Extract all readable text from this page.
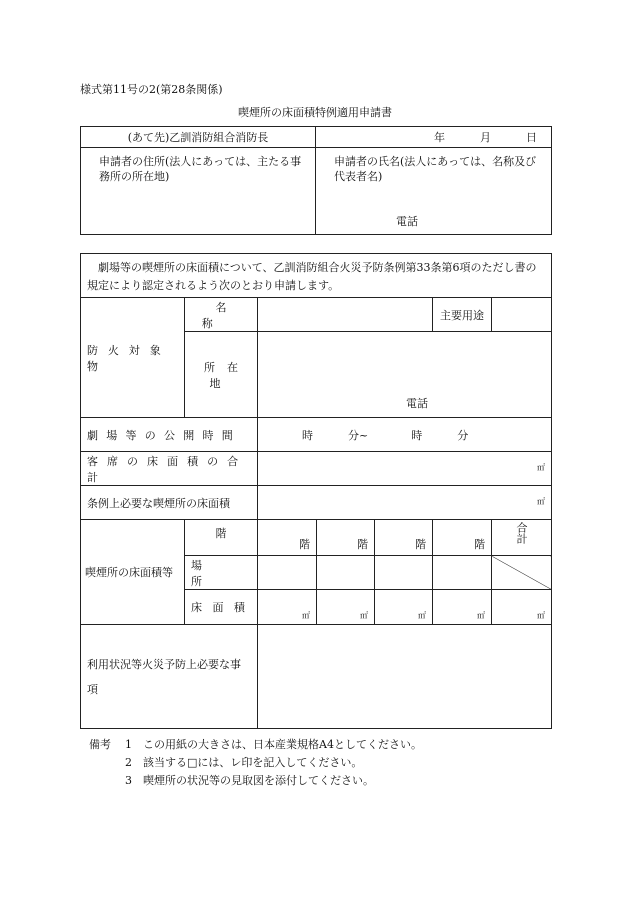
様式第11号の2(第28条関係)
喫煙所の床面積特例適用申請書
(あて先)乙訓消防組合消防長	年 月 日
申請者の住所(法人にあっては、主たる事務所の所在地)	申請者の氏名(法人にあっては、名称及び代表者名)
電話
劇場等の喫煙所の床面積について、乙訓消防組合火災予防条例第33条第6項のただし書の規定により認定されるよう次のとおり申請します。						
防火対象物	名称				主要用途	
	所在地	電話				

劇場等の公開時間		時 分~ 時 分				
客席の床面積の合計		㎡				
条例上必要な喫煙所の床面積		㎡				
喫煙所の床面積等	階	階	階	階	階	合計
	場所					
	床面積	㎡	㎡	㎡	㎡	㎡
利用状況等火災予防上必要な事項						
備考 1 この用紙の大きさは、日本産業規格A4としてください。
2 該当する□には、レ印を記入してください。
3 喫煙所の状況等の見取図を添付してください。
